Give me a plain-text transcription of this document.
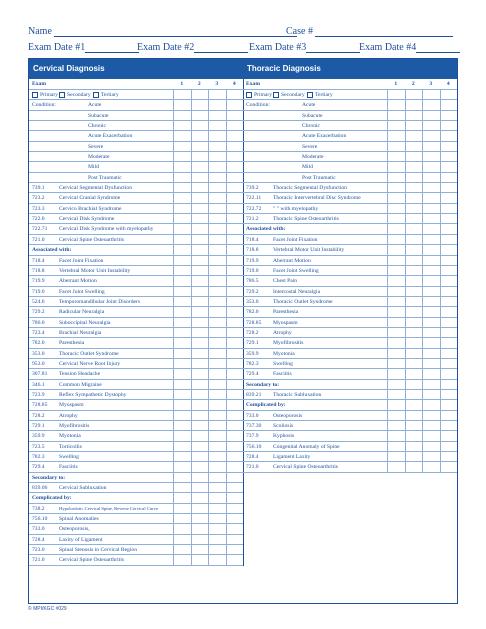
Name	Case #
Exam Date #1	Exam Date #2	Exam Date #3	Exam Date #4
Cervical Diagnosis	Thoracic Diagnosis
Exam	1	2	3	4
Primary	Secondary	Tertiary
Condition:	Acute
Subacute
Chronic
Acute Exacerbation
Severe
Moderate
Mild
Post Traumatic
739.1	Cervical Segmental Dysfunction
723.2	Cervical Cranial Syndrome
723.3	Cervico Brachial Syndrome
722.0	Cervical Disk Syndrome
722.71	Cervical Disk Syndrome with myelopathy
721.0	Cervical Spine Osteoarthritis
Associated with:
718.4	Facet Joint Fixation
718.8	Vertebral Motor Unit Instability
719.9	Aberrant Motion
719.0	Facet Joint Swelling
524.6	Temporomandibular Joint Disorders
729.2	Radicular Neuralgia
786.0	Suboccipital Neuralgia
723.4	Brachial Neuralgia
782.0	Paresthesia
353.0	Thoracic Outlet Syndrome
953.0	Cervical Nerve Root Injury
307.81	Tension Headache
346.1	Common Migraine
723.9	Reflex Sympathetic Dystophy
728.85	Myospasm
728.2	Atrophy
729.1	Myofibrositis
359.9	Myotonia
723.5	Torticollis
782.3	Swelling
729.4	Fasciitis
Secondary to:
839.06	Cervical Subluxation
Complicated by:
738.2	Hypolordotic Cervical Spine, Reverse Cervical Curve
756.10	Spinal Anomalies
733.0	Osteoporosis,
728.4	Laxity of Ligament
723.0	Spinal Stenosis in Cervical Region
721.0	Cervical Spine Osteoarthritis
Exam	1	2	3	4
Primary	Secondary	Tertiary
Condition:	Acute
Subacute
Chronic
Acute Exacerbation
Severe
Moderate
Mild
Post Traumatic
739.2	Thoracic Segmental Dysfunction
722.11	Thoracic Intervertebral Disc Syndrome
722.72	" " with myelopathy
721.2	Thoracic Spine Osteoarthritis
Associated with:
718.4	Facet Joint Fixation
718.8	Vertebral Motor Unit Instability
719.9	Aberrant Motion
719.0	Facet Joint Swelling
786.5	Chest Pain
729.2	Intercostal Neuralgia
353.0	Thoracic Outlet Syndrome
782.0	Paresthesia
728.85	Myospasm
728.2	Atrophy
729.1	Myofibrositis
359.9	Myotonia
782.3	Swelling
729.4	Fasciitis
Secondary to:
839.21	Thoracic Subluxation
Complicated by:
733.0	Osteoporosis
737.30	Scoliosis
737.9	Kyphosis
756.10	Congenital Anomaly of Spine
728.4	Ligament Laxity
721.0	Cervical Spine Osteoarthritis
© MPI/KGC #029
